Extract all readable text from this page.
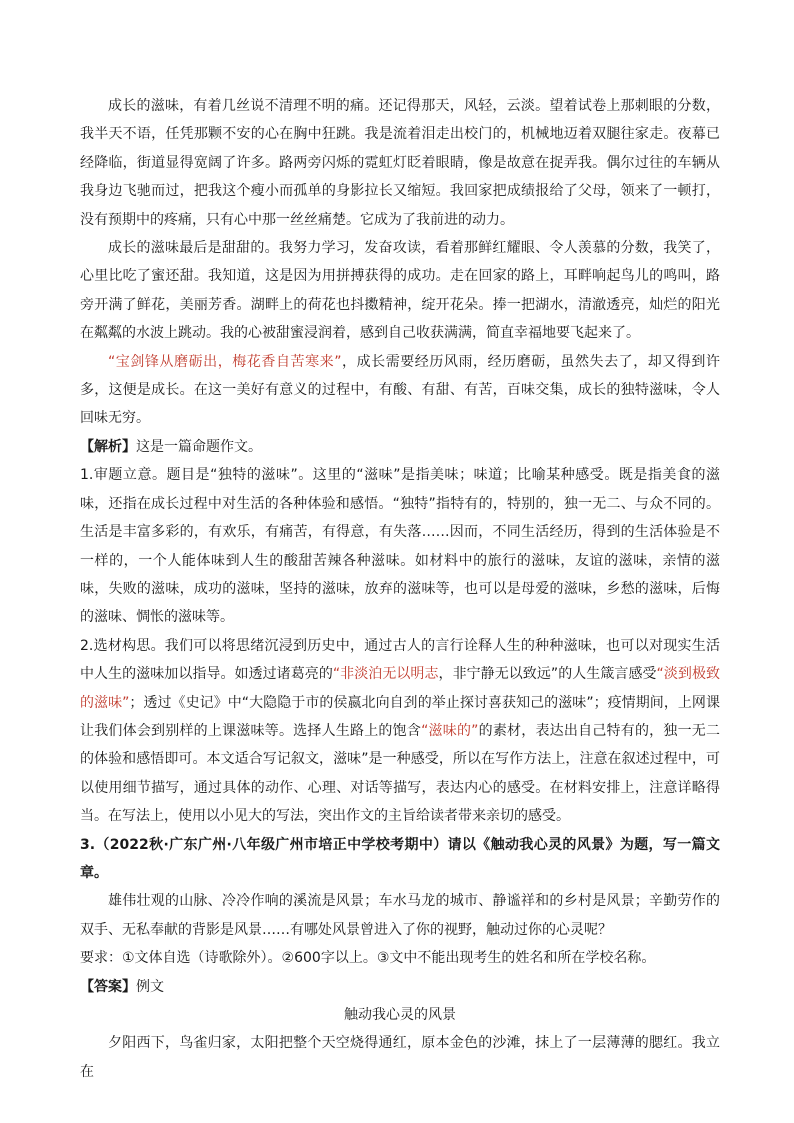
成长的滋味，有着几丝说不清理不明的痛。还记得那天，风轻，云淡。望着试卷上那刺眼的分数，我半天不语，任凭那颗不安的心在胸中狂跳。我是流着泪走出校门的，机械地迈着双腿往家走。夜幕已经降临，街道显得宽阔了许多。路两旁闪烁的霓虹灯眨着眼睛，像是故意在捉弄我。偶尔过往的车辆从我身边飞驰而过，把我这个瘦小而孤单的身影拉长又缩短。我回家把成绩报给了父母，领来了一顿打，没有预期中的疼痛，只有心中那一丝丝痛楚。它成为了我前进的动力。

成长的滋味最后是甜甜的。我努力学习，发奋攻读，看着那鲜红耀眼、令人羡慕的分数，我笑了，心里比吃了蜜还甜。我知道，这是因为用拼搏获得的成功。走在回家的路上，耳畔响起鸟儿的鸣叫，路旁开满了鲜花，美丽芳香。湖畔上的荷花也抖擞精神，绽开花朵。捧一把湖水，清澈透亮，灿烂的阳光在粼粼的水波上跳动。我的心被甜蜜浸润着，感到自己收获满满，简直幸福地要飞起来了。

“宝剑锋从磨砺出，梅花香自苦寒来”，成长需要经历风雨，经历磨砺，虽然失去了，却又得到许多，这便是成长。在这一美好有意义的过程中，有酸、有甜、有苦，百味交集，成长的独特滋味，令人回味无穷。

【解析】这是一篇命题作文。

1.审题立意。题目是“独特的滋味”。这里的“滋味”是指美味；味道；比喻某种感受。既是指美食的滋味，还指在成长过程中对生活的各种体验和感悟。“独特”指特有的，特别的，独一无二、与众不同的。生活是丰富多彩的，有欢乐，有痛苦，有得意，有失落……因而，不同生活经历，得到的生活体验是不一样的，一个人能体味到人生的酸甜苦辣各种滋味。如材料中的旅行的滋味，友谊的滋味，亲情的滋味，失败的滋味，成功的滋味，坚持的滋味，放弃的滋味等，也可以是母爱的滋味，乡愁的滋味，后悔的滋味、惆怅的滋味等。

2.选材构思。我们可以将思绪沉浸到历史中，通过古人的言行诠释人生的种种滋味，也可以对现实生活中人生的滋味加以指导。如透过诸葛亮的“非淡泊无以明志，非宁静无以致远”的人生箴言感受“淡到极致的滋味”；透过《史记》中“大隐隐于市的侯嬴北向自刭的举止探讨喜获知己的滋味”；疫情期间，上网课让我们体会到别样的上课滋味等。选择人生路上的饱含“滋味的”的素材，表达出自己特有的，独一无二的体验和感悟即可。本文适合写记叙文，滋味”是一种感受，所以在写作方法上，注意在叙述过程中，可以使用细节描写，通过具体的动作、心理、对话等描写，表达内心的感受。在材料安排上，注意详略得当。在写法上，使用以小见大的写法，突出作文的主旨给读者带来亲切的感受。

3.（2022秋·广东广州·八年级广州市培正中学校考期中）请以《触动我心灵的风景》为题，写一篇文章。

雄伟壮观的山脉、冷冷作响的溪流是风景；车水马龙的城市、静谧祥和的乡村是风景；辛勤劳作的双手、无私奉献的背影是风景……有哪处风景曾进入了你的视野，触动过你的心灵呢？

要求：①文体自选（诗歌除外）。②600字以上。③文中不能出现考生的姓名和所在学校名称。

【答案】例文

触动我心灵的风景

夕阳西下，鸟雀归家，太阳把整个天空烧得通红，原本金色的沙滩，抹上了一层薄薄的腮红。我立在
